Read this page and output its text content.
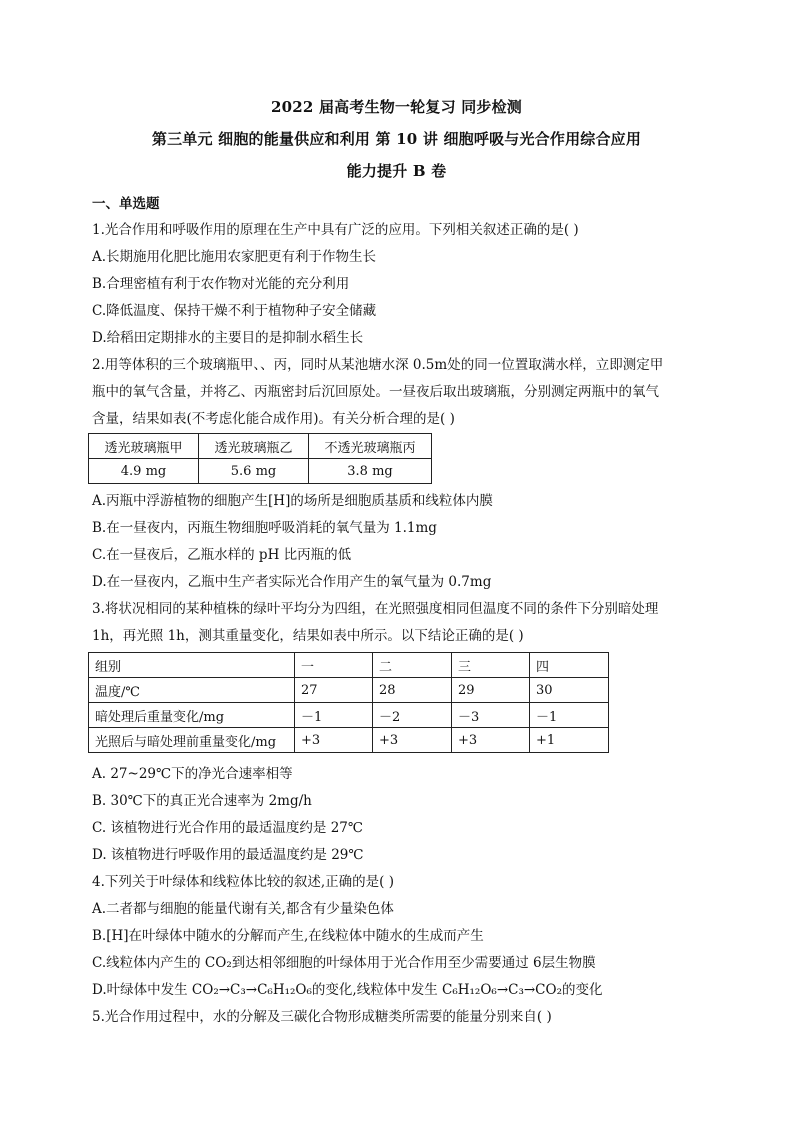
2022 届高考生物一轮复习 同步检测
第三单元 细胞的能量供应和利用 第 10 讲 细胞呼吸与光合作用综合应用
能力提升 B 卷
一、单选题
1.光合作用和呼吸作用的原理在生产中具有广泛的应用。下列相关叙述正确的是( )
A.长期施用化肥比施用农家肥更有利于作物生长
B.合理密植有利于农作物对光能的充分利用
C.降低温度、保持干燥不利于植物种子安全储藏
D.给稻田定期排水的主要目的是抑制水稻生长
2.用等体积的三个玻璃瓶甲、、丙，同时从某池塘水深 0.5m处的同一位置取满水样，立即测定甲
瓶中的氧气含量，并将乙、丙瓶密封后沉回原处。一昼夜后取出玻璃瓶，分别测定两瓶中的氧气
含量，结果如表(不考虑化能合成作用)。有关分析合理的是( )
透光玻璃瓶甲	透光玻璃瓶乙	不透光玻璃瓶丙
4.9 mg	5.6 mg	3.8 mg
A.丙瓶中浮游植物的细胞产生[H]的场所是细胞质基质和线粒体内膜
B.在一昼夜内，丙瓶生物细胞呼吸消耗的氧气量为 1.1mg
C.在一昼夜后，乙瓶水样的 pH 比丙瓶的低
D.在一昼夜内，乙瓶中生产者实际光合作用产生的氧气量为 0.7mg
3.将状况相同的某种植株的绿叶平均分为四组，在光照强度相同但温度不同的条件下分别暗处理
1h，再光照 1h，测其重量变化，结果如表中所示。以下结论正确的是( )
组别	一	二	三	四
温度/℃	27	28	29	30
暗处理后重量变化/mg	－1	－2	－3	－1
光照后与暗处理前重量变化/mg	+3	+3	+3	+1
A. 27~29℃下的净光合速率相等
B. 30℃下的真正光合速率为 2mg/h
C. 该植物进行光合作用的最适温度约是 27℃
D. 该植物进行呼吸作用的最适温度约是 29℃
4.下列关于叶绿体和线粒体比较的叙述,正确的是( )
A.二者都与细胞的能量代谢有关,都含有少量染色体
B.[H]在叶绿体中随水的分解而产生,在线粒体中随水的生成而产生
C.线粒体内产生的 CO₂到达相邻细胞的叶绿体用于光合作用至少需要通过 6层生物膜
D.叶绿体中发生 CO₂→C₃→C₆H₁₂O₆的变化,线粒体中发生 C₆H₁₂O₆→C₃→CO₂的变化
5.光合作用过程中，水的分解及三碳化合物形成糖类所需要的能量分别来自( )
